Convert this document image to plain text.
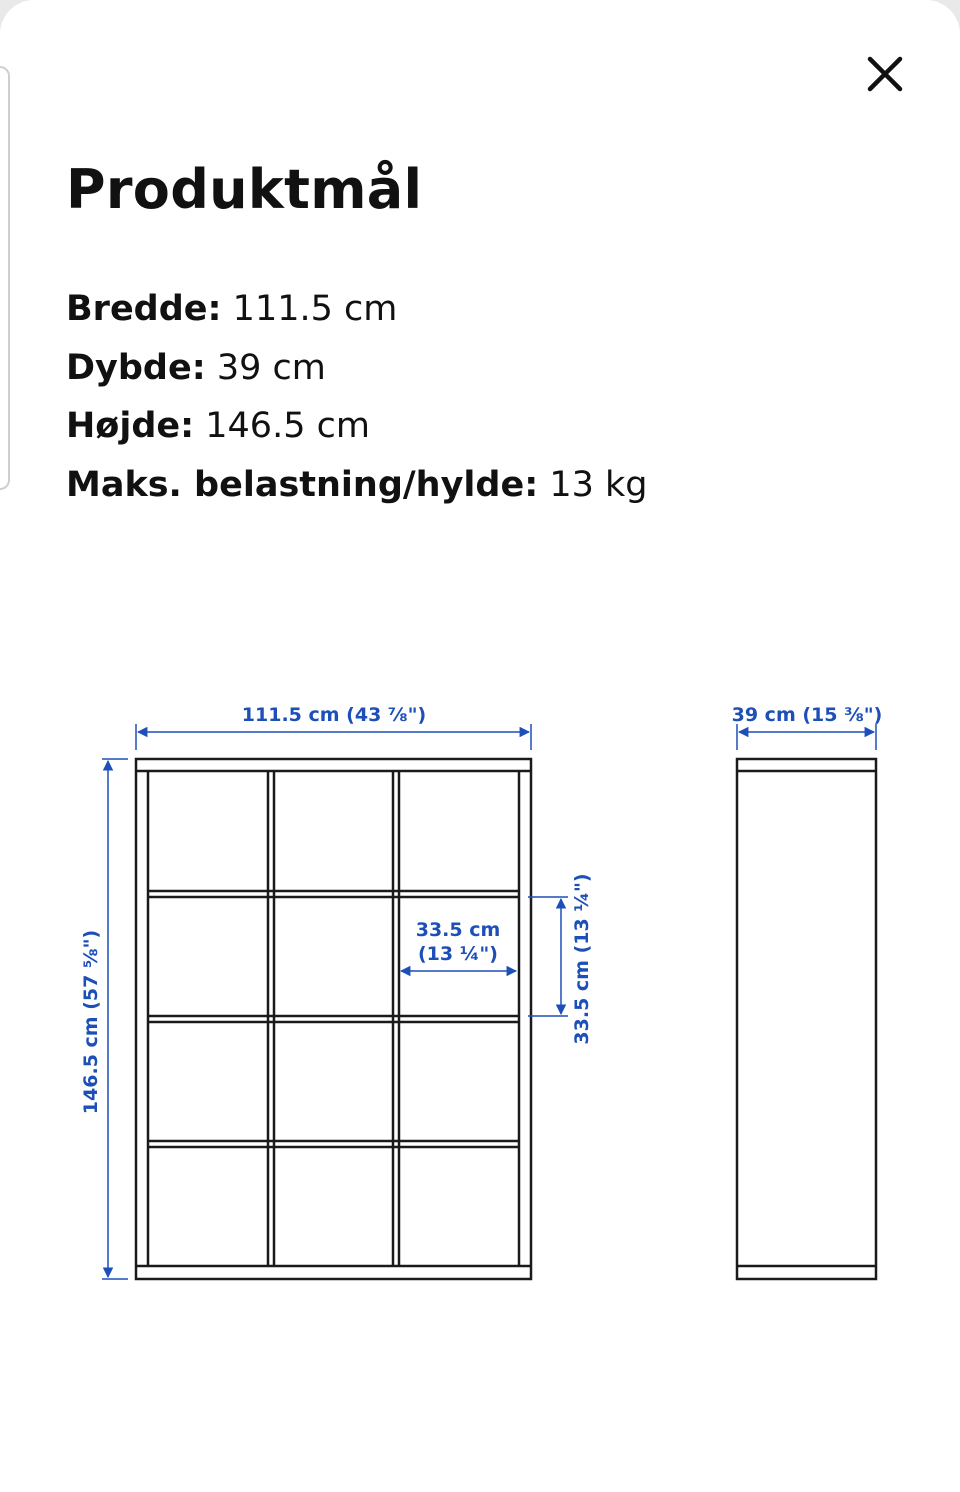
Produktmål
Bredde: 111.5 cm
Dybde: 39 cm
Højde: 146.5 cm
Maks. belastning/hylde: 13 kg
111.5 cm (43 ⅞")
146.5 cm (57 ⅝")	33.5 cm
(13 ¼")	33.5 cm (13 ¼")
39 cm (15 ⅜")
